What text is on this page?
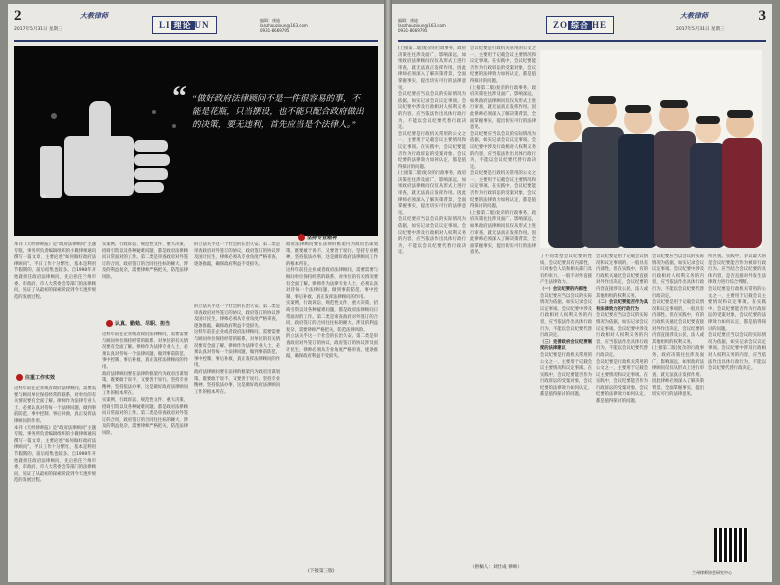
2
2017年5月31日 星期三
大教律师
LI 理论 UN	编辑：康迪
lanzhouzixun@163.com
0931-8669795
“ “做好政府法律顾问不是一件很容易的事，不能是花瓶，只当摆设，也不能只配合政府做出的决策，要无违利，首先应当是个法律人。”

本刊《天经律师报》是“政府法律顾问”主题专版。事务所负责编辑组织的小微律师通讯撰写一篇文章，主要论述“如何做好政府法律顾问”。平日工作十分繁忙，基本是利用节假期的，前后结集也较多。自1998年开始就担任政府法律顾问，先后担任兰州市委、市政府、市人大常委会等部门的法律顾问，见证了从最初的探索阶段到今天逐步规范的发展过程。

实案例，行政诉讼、规范性文件、重大决策、招商引资以及各种疑难问题，都是政府法律顾问日常面对的工作。第二类是审查政府对外签订的合同，政府签订的合同往往标的额大，涉及的利益复杂，需要律师严格把关，防范法律风险。

的立法关乎这一个社会的长治久安。第二类是审查政府对外签订的协议，政府签订的协议涉及国计民生，律师必须从专业角度严格审查，逐条推敲，确保政府利益不受损失。

政府法律顾问要在法律的框架内为政府出谋划策，既要敢于说不，又要善于说行。坚持专业精神，坚持依法办事，这是做好政府法律顾问工作的根本所在。

这样年前任企业或者政府法律顾问，需要需要与顾问单位保持经常的联系，对单位的有关情况要有全面了解。律师作为法律专业人士，必须认真对待每一个法律问题，做到事前防范、事中控制、事后补救，真正发挥法律顾问的作用。

实案例，行政诉讼、规范性文件、重大决策、招商引资以及各种疑难问题，都是政府法律顾问日常面对的工作。第二类是审查政府对外签订的合同，政府签订的合同往往标的额大，涉及的利益复杂，需要律师严格把关，防范法律风险。

的立法关乎这一个社会的长治久安。第二类是审查政府对外签订的协议，政府签订的协议涉及国计民生，律师必须从专业角度严格审查，逐条推敲，确保政府利益不受损失。

注重工作实效
认真、勤勉、尽职、担当
坚持专业精神

这样年前任企业或者政府法律顾问，需要需要与顾问单位保持经常的联系，对单位的有关情况要有全面了解。律师作为法律专业人士，必须认真对待每一个法律问题，做到事前防范、事中控制、事后补救，真正发挥法律顾问的作用。

本刊《天经律师报》是“政府法律顾问”主题专版。事务所负责编辑组织的小微律师通讯撰写一篇文章，主要论述“如何做好政府法律顾问”。平日工作十分繁忙，基本是利用节假期的，前后结集也较多。自1998年开始就担任政府法律顾问，先后担任兰州市委、市政府、市人大常委会等部门的法律顾问，见证了从最初的探索阶段到今天逐步规范的发展过程。

这样年前任企业或者政府法律顾问，需要需要与顾问单位保持经常的联系，对单位的有关情况要有全面了解。律师作为法律专业人士，必须认真对待每一个法律问题，做到事前防范、事中控制、事后补救，真正发挥法律顾问的作用。

政府法律顾问要在法律的框架内为政府出谋划策，既要敢于说不，又要善于说行。坚持专业精神，坚持依法办事，这是做好政府法律顾问工作的根本所在。

实案例，行政诉讼、规范性文件、重大决策、招商引资以及各种疑难问题，都是政府法律顾问日常面对的工作。第二类是审查政府对外签订的合同，政府签订的合同往往标的额大，涉及的利益复杂，需要律师严格把关，防范法律风险。

的立法关乎这一个社会的长治久安。第二类是审查政府对外签订的协议，政府签订的协议涉及国计民生，律师必须从专业角度严格审查，逐条推敲，确保政府利益不受损失。

这样年前任企业或者政府法律顾问，需要需要与顾问单位保持经常的联系，对单位的有关情况要有全面了解。律师作为法律专业人士，必须认真对待每一个法律问题，做到事前防范、事中控制、事后补救，真正发挥法律顾问的作用。

政府法律顾问要在法律的框架内为政府出谋划策，既要敢于说不，又要善于说行。坚持专业精神，坚持依法办事，这是做好政府法律顾问工作的根本所在。

(下接第三版)
编辑：康迪
lanzhouzixun@163.com
0931-8669795
ZO 综合 HE
大教律师	3
2017年5月31日 星期三

(上接第二版)复杂的行政事务，政府决策往往涉及面广，影响深远，如果政府法律顾问仅仅从形式上进行审查，就无法真正发挥作用。因此律师必须深入了解决策背景，全面掌握事实，提出切实可行的法律意见。

会议纪要应当以会议的实际情况为依据，如实记录会议议定事项。会议纪要中涉及行政相对人权利义务的内容，应当依法作出具体行政行为，不能以会议纪要代替行政决定。

会议纪要是行政机关常用的公文之一，主要用于记载会议主要情况和议定事项。在实践中，会议纪要能否作为行政诉讼的受案对象，会议纪要的法律效力如何认定，都是值得探讨的问题。

(上接第二版)复杂的行政事务，政府决策往往涉及面广，影响深远，如果政府法律顾问仅仅从形式上进行审查，就无法真正发挥作用。因此律师必须深入了解决策背景，全面掌握事实，提出切实可行的法律意见。

会议纪要应当以会议的实际情况为依据，如实记录会议议定事项。会议纪要中涉及行政相对人权利义务的内容，应当依法作出具体行政行为，不能以会议纪要代替行政决定。

会议纪要是行政机关常用的公文之一，主要用于记载会议主要情况和议定事项。在实践中，会议纪要能否作为行政诉讼的受案对象，会议纪要的法律效力如何认定，都是值得探讨的问题。

(上接第二版)复杂的行政事务，政府决策往往涉及面广，影响深远，如果政府法律顾问仅仅从形式上进行审查，就无法真正发挥作用。因此律师必须深入了解决策背景，全面掌握事实，提出切实可行的法律意见。

会议纪要应当以会议的实际情况为依据，如实记录会议议定事项。会议纪要中涉及行政相对人权利义务的内容，应当依法作出具体行政行为，不能以会议纪要代替行政决定。

会议纪要是行政机关常用的公文之一，主要用于记载会议主要情况和议定事项。在实践中，会议纪要能否作为行政诉讼的受案对象，会议纪要的法律效力如何认定，都是值得探讨的问题。

(上接第二版)复杂的行政事务，政府决策往往涉及面广，影响深远，如果政府法律顾问仅仅从形式上进行审查，就无法真正发挥作用。因此律师必须深入了解决策背景，全面掌握事实，提出切实可行的法律意见。

（供稿人：刘仕成 律师）

了不同类型会议纪要的性质，会议纪要具有内部性，只对参会人员和相关部门具有约束力，一般不对外直接产生法律效力。

（一）会议纪要的内部性

会议纪要应当以会议的实际情况为依据，如实记录会议议定事项。会议纪要中涉及行政相对人权利义务的内容，应当依法作出具体行政行为，不能以会议纪要代替行政决定。

（三）完善政府会议纪要制度的法律建议

会议纪要是行政机关常用的公文之一，主要用于记载会议主要情况和议定事项。在实践中，会议纪要能否作为行政诉讼的受案对象，会议纪要的法律效力如何认定，都是值得探讨的问题。

会议纪要是用于记载会议情况和议定事项的，一般具有内部性。但在实践中，有的行政机关通过会议纪要直接对外作出决定，会议纪要的内容直接涉及公民、法人或其他组织的权利义务。

（二）会议纪要能否作为具有法律效力的行政行为

会议纪要应当以会议的实际情况为依据，如实记录会议议定事项。会议纪要中涉及行政相对人权利义务的内容，应当依法作出具体行政行为，不能以会议纪要代替行政决定。

会议纪要是行政机关常用的公文之一，主要用于记载会议主要情况和议定事项。在实践中，会议纪要能否作为行政诉讼的受案对象，会议纪要的法律效力如何认定，都是值得探讨的问题。

会议纪要应当以会议的实际情况为依据，如实记录会议议定事项。会议纪要中涉及行政相对人权利义务的内容，应当依法作出具体行政行为，不能以会议纪要代替行政决定。

会议纪要是用于记载会议情况和议定事项的，一般具有内部性。但在实践中，有的行政机关通过会议纪要直接对外作出决定，会议纪要的内容直接涉及公民、法人或其他组织的权利义务。

(上接第二版)复杂的行政事务，政府决策往往涉及面广，影响深远，如果政府法律顾问仅仅从形式上进行审查，就无法真正发挥作用。因此律师必须深入了解决策背景，全面掌握事实，提出切实可行的法律意见。

所区别。实践中，争议最大的是会议纪要能否作为被诉行政行为。应当结合会议纪要的具体内容、是否直接对外发生法律效力进行综合判断。

会议纪要是行政机关常用的公文之一，主要用于记载会议主要情况和议定事项。在实践中，会议纪要能否作为行政诉讼的受案对象，会议纪要的法律效力如何认定，都是值得探讨的问题。

会议纪要应当以会议的实际情况为依据，如实记录会议议定事项。会议纪要中涉及行政相对人权利义务的内容，应当依法作出具体行政行为，不能以会议纪要代替行政决定。

兰州律师协会研究中心
